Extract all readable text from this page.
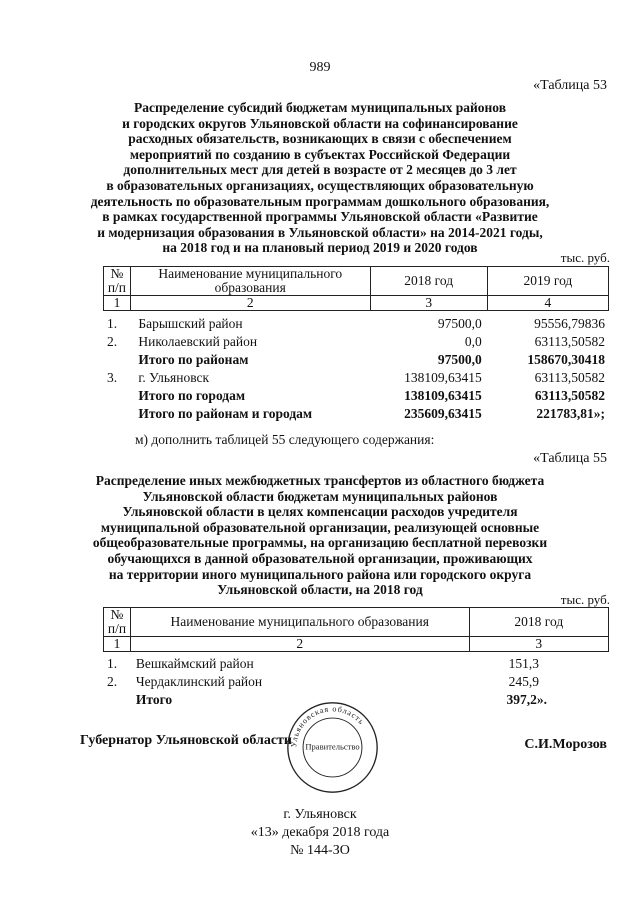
989
«Таблица 53
Распределение субсидий бюджетам муниципальных районов
и городских округов Ульяновской области на софинансирование
расходных обязательств, возникающих в связи с обеспечением
мероприятий по созданию в субъектах Российской Федерации
дополнительных мест для детей в возрасте от 2 месяцев до 3 лет
в образовательных организациях, осуществляющих образовательную
деятельность по образовательным программам дошкольного образования,
в рамках государственной программы Ульяновской области «Развитие
и модернизация образования в Ульяновской области» на 2014-2021 годы,
на 2018 год и на плановый период 2019 и 2020 годов
тыс. руб.
№ п/п	Наименование муниципального образования	2018 год	2019 год
1	2	3	4
1.	Барышский район	97500,0	95556,79836
2.	Николаевский район	0,0	63113,50582
	Итого по районам	97500,0	158670,30418
3.	г. Ульяновск	138109,63415	63113,50582
	Итого по городам	138109,63415	63113,50582
	Итого по районам и городам	235609,63415	221783,81»;
м) дополнить таблицей 55 следующего содержания:
«Таблица 55
Распределение иных межбюджетных трансфертов из областного бюджета
Ульяновской области бюджетам муниципальных районов
Ульяновской области в целях компенсации расходов учредителя
муниципальной образовательной организации, реализующей основные
общеобразовательные программы, на организацию бесплатной перевозки
обучающихся в данной образовательной организации, проживающих
на территории иного муниципального района или городского округа
Ульяновской области, на 2018 год
тыс. руб.
№ п/п	Наименование муниципального образования	2018 год
1	2	3
1.	Вешкаймский район	151,3
2.	Чердаклинский район	245,9
	Итого	397,2».
Губернатор Ульяновской области
Ульяновская область
Правительство	С.И.Морозов
г. Ульяновск
«13» декабря 2018 года
№ 144-ЗО
